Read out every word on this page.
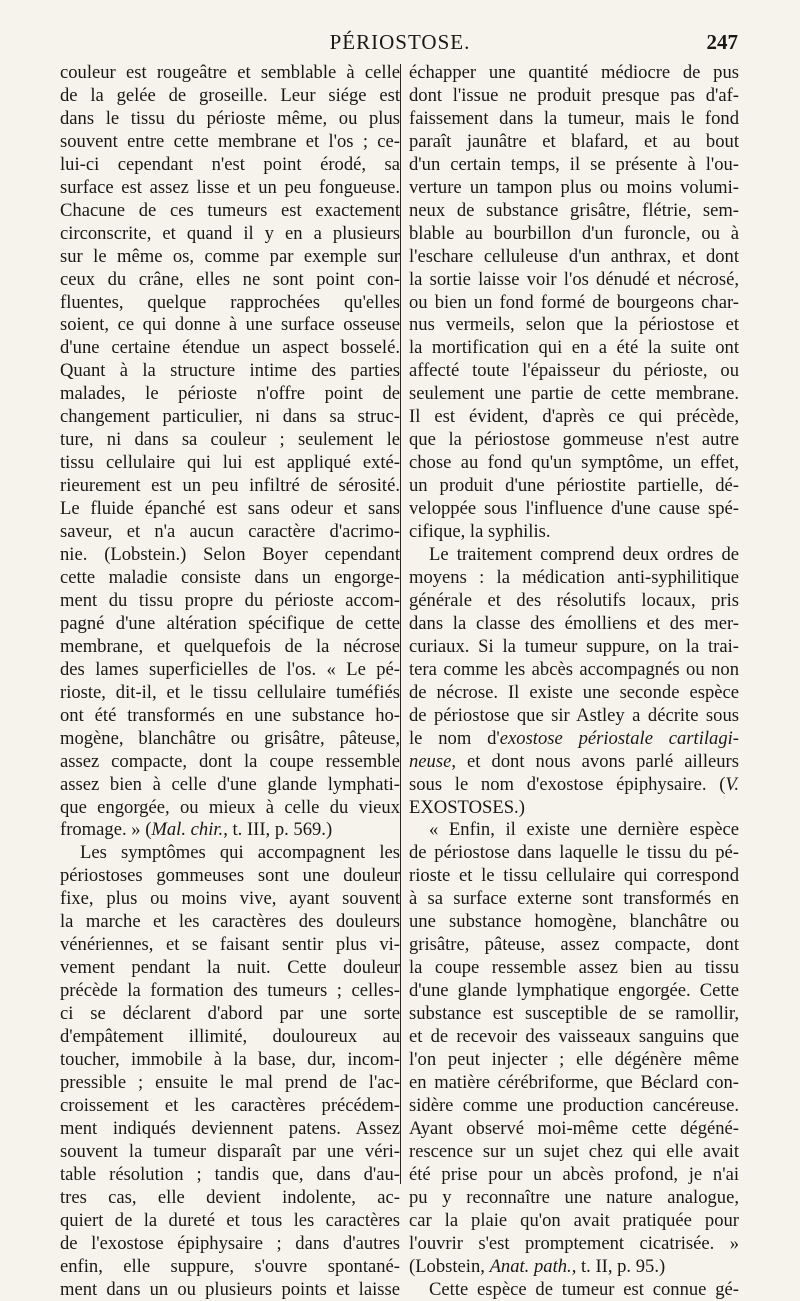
PÉRIOSTOSE.	247
couleur est rougeâtre et semblable à celle
de la gelée de groseille. Leur siége est
dans le tissu du périoste même, ou plus
souvent entre cette membrane et l'os ; ce-
lui-ci cependant n'est point érodé, sa
surface est assez lisse et un peu fongueuse.
Chacune de ces tumeurs est exactement
circonscrite, et quand il y en a plusieurs
sur le même os, comme par exemple sur
ceux du crâne, elles ne sont point con-
fluentes, quelque rapprochées qu'elles
soient, ce qui donne à une surface osseuse
d'une certaine étendue un aspect bosselé.
Quant à la structure intime des parties
malades, le périoste n'offre point de
changement particulier, ni dans sa struc-
ture, ni dans sa couleur ; seulement le
tissu cellulaire qui lui est appliqué exté-
rieurement est un peu infiltré de sérosité.
Le fluide épanché est sans odeur et sans
saveur, et n'a aucun caractère d'acrimo-
nie. (Lobstein.) Selon Boyer cependant
cette maladie consiste dans un engorge-
ment du tissu propre du périoste accom-
pagné d'une altération spécifique de cette
membrane, et quelquefois de la nécrose
des lames superficielles de l'os. « Le pé-
rioste, dit-il, et le tissu cellulaire tuméfiés
ont été transformés en une substance ho-
mogène, blanchâtre ou grisâtre, pâteuse,
assez compacte, dont la coupe ressemble
assez bien à celle d'une glande lymphati-
que engorgée, ou mieux à celle du vieux
fromage. » (Mal. chir., t. III, p. 569.)
Les symptômes qui accompagnent les
périostoses gommeuses sont une douleur
fixe, plus ou moins vive, ayant souvent
la marche et les caractères des douleurs
vénériennes, et se faisant sentir plus vi-
vement pendant la nuit. Cette douleur
précède la formation des tumeurs ; celles-
ci se déclarent d'abord par une sorte
d'empâtement illimité, douloureux au
toucher, immobile à la base, dur, incom-
pressible ; ensuite le mal prend de l'ac-
croissement et les caractères précédem-
ment indiqués deviennent patens. Assez
souvent la tumeur disparaît par une véri-
table résolution ; tandis que, dans d'au-
tres cas, elle devient indolente, ac-
quiert de la dureté et tous les caractères
de l'exostose épiphysaire ; dans d'autres
enfin, elle suppure, s'ouvre spontané-
ment dans un ou plusieurs points et laisse
échapper une quantité médiocre de pus
dont l'issue ne produit presque pas d'af-
faissement dans la tumeur, mais le fond
paraît jaunâtre et blafard, et au bout
d'un certain temps, il se présente à l'ou-
verture un tampon plus ou moins volumi-
neux de substance grisâtre, flétrie, sem-
blable au bourbillon d'un furoncle, ou à
l'eschare celluleuse d'un anthrax, et dont
la sortie laisse voir l'os dénudé et nécrosé,
ou bien un fond formé de bourgeons char-
nus vermeils, selon que la périostose et
la mortification qui en a été la suite ont
affecté toute l'épaisseur du périoste, ou
seulement une partie de cette membrane.
Il est évident, d'après ce qui précède,
que la périostose gommeuse n'est autre
chose au fond qu'un symptôme, un effet,
un produit d'une périostite partielle, dé-
veloppée sous l'influence d'une cause spé-
cifique, la syphilis.
Le traitement comprend deux ordres de
moyens : la médication anti-syphilitique
générale et des résolutifs locaux, pris
dans la classe des émolliens et des mer-
curiaux. Si la tumeur suppure, on la trai-
tera comme les abcès accompagnés ou non
de nécrose. Il existe une seconde espèce
de périostose que sir Astley a décrite sous
le nom d'exostose périostale cartilagi-
neuse, et dont nous avons parlé ailleurs
sous le nom d'exostose épiphysaire. (V.
EXOSTOSES.)
« Enfin, il existe une dernière espèce
de périostose dans laquelle le tissu du pé-
rioste et le tissu cellulaire qui correspond
à sa surface externe sont transformés en
une substance homogène, blanchâtre ou
grisâtre, pâteuse, assez compacte, dont
la coupe ressemble assez bien au tissu
d'une glande lymphatique engorgée. Cette
substance est susceptible de se ramollir,
et de recevoir des vaisseaux sanguins que
l'on peut injecter ; elle dégénère même
en matière cérébriforme, que Béclard con-
sidère comme une production cancéreuse.
Ayant observé moi-même cette dégéné-
rescence sur un sujet chez qui elle avait
été prise pour un abcès profond, je n'ai
pu y reconnaître une nature analogue,
car la plaie qu'on avait pratiquée pour
l'ouvrir s'est promptement cicatrisée. »
(Lobstein, Anat. path., t. II, p. 95.)
Cette espèce de tumeur est connue gé-
